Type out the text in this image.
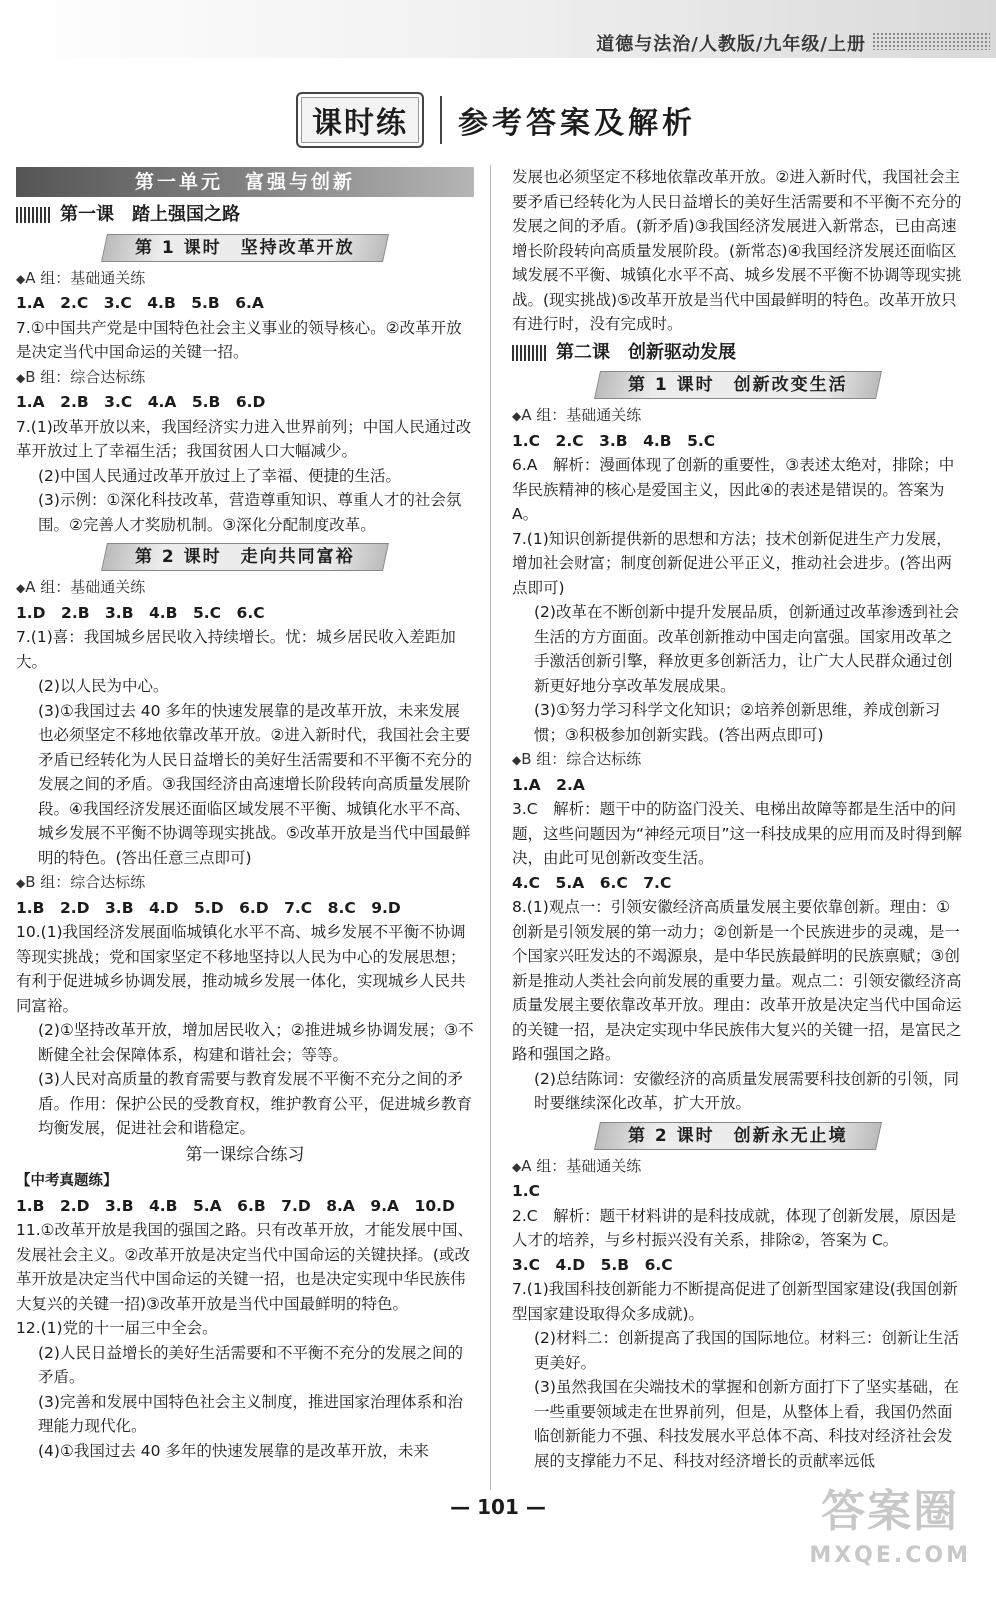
道德与法治/人教版/九年级/上册
课时练	参考答案及解析
第一单元　富强与创新
第一课　踏上强国之路
第 1 课时　坚持改革开放
◆ A 组：基础通关练

1.A　2.C　3.C　4.B　5.B　6.A

7.①中国共产党是中国特色社会主义事业的领导核心。②改革开放是决定当代中国命运的关键一招。

◆ B 组：综合达标练

1.A　2.B　3.C　4.A　5.B　6.D

7.(1)改革开放以来，我国经济实力进入世界前列；中国人民通过改革开放过上了幸福生活；我国贫困人口大幅减少。

(2)中国人民通过改革开放过上了幸福、便捷的生活。

(3)示例：①深化科技改革，营造尊重知识、尊重人才的社会氛围。②完善人才奖励机制。③深化分配制度改革。

第 2 课时　走向共同富裕
◆ A 组：基础通关练

1.D　2.B　3.B　4.B　5.C　6.C

7.(1)喜：我国城乡居民收入持续增长。忧：城乡居民收入差距加大。

(2)以人民为中心。

(3)①我国过去 40 多年的快速发展靠的是改革开放，未来发展也必须坚定不移地依靠改革开放。②进入新时代，我国社会主要矛盾已经转化为人民日益增长的美好生活需要和不平衡不充分的发展之间的矛盾。③我国经济由高速增长阶段转向高质量发展阶段。④我国经济发展还面临区域发展不平衡、城镇化水平不高、城乡发展不平衡不协调等现实挑战。⑤改革开放是当代中国最鲜明的特色。(答出任意三点即可)

◆ B 组：综合达标练

1.B　2.D　3.B　4.D　5.D　6.D　7.C　8.C　9.D

10.(1)我国经济发展面临城镇化水平不高、城乡发展不平衡不协调等现实挑战；党和国家坚定不移地坚持以人民为中心的发展思想；有利于促进城乡协调发展，推动城乡发展一体化，实现城乡人民共同富裕。

(2)①坚持改革开放，增加居民收入；②推进城乡协调发展；③不断健全社会保障体系，构建和谐社会；等等。

(3)人民对高质量的教育需要与教育发展不平衡不充分之间的矛盾。作用：保护公民的受教育权，维护教育公平，促进城乡教育均衡发展，促进社会和谐稳定。

第一课综合练习
【中考真题练】

1.B　2.D　3.B　4.B　5.A　6.B　7.D　8.A　9.A　10.D

11.①改革开放是我国的强国之路。只有改革开放，才能发展中国、发展社会主义。②改革开放是决定当代中国命运的关键抉择。(或改革开放是决定当代中国命运的关键一招，也是决定实现中华民族伟大复兴的关键一招)③改革开放是当代中国最鲜明的特色。

12.(1)党的十一届三中全会。

(2)人民日益增长的美好生活需要和不平衡不充分的发展之间的矛盾。

(3)完善和发展中国特色社会主义制度，推进国家治理体系和治理能力现代化。

(4)①我国过去 40 多年的快速发展靠的是改革开放，未来

发展也必须坚定不移地依靠改革开放。②进入新时代，我国社会主要矛盾已经转化为人民日益增长的美好生活需要和不平衡不充分的发展之间的矛盾。(新矛盾)③我国经济发展进入新常态，已由高速增长阶段转向高质量发展阶段。(新常态)④我国经济发展还面临区域发展不平衡、城镇化水平不高、城乡发展不平衡不协调等现实挑战。(现实挑战)⑤改革开放是当代中国最鲜明的特色。改革开放只有进行时，没有完成时。

第二课　创新驱动发展
第 1 课时　创新改变生活
◆ A 组：基础通关练

1.C　2.C　3.B　4.B　5.C

6.A　解析：漫画体现了创新的重要性，③表述太绝对，排除；中华民族精神的核心是爱国主义，因此④的表述是错误的。答案为 A。

7.(1)知识创新提供新的思想和方法；技术创新促进生产力发展，增加社会财富；制度创新促进公平正义，推动社会进步。(答出两点即可)

(2)改革在不断创新中提升发展品质，创新通过改革渗透到社会生活的方方面面。改革创新推动中国走向富强。国家用改革之手激活创新引擎，释放更多创新活力，让广大人民群众通过创新更好地分享改革发展成果。

(3)①努力学习科学文化知识；②培养创新思维，养成创新习惯；③积极参加创新实践。(答出两点即可)

◆ B 组：综合达标练

1.A　2.A

3.C　解析：题干中的防盗门没关、电梯出故障等都是生活中的问题，这些问题因为“神经元项目”这一科技成果的应用而及时得到解决，由此可见创新改变生活。

4.C　5.A　6.C　7.C

8.(1)观点一：引领安徽经济高质量发展主要依靠创新。理由：①创新是引领发展的第一动力；②创新是一个民族进步的灵魂，是一个国家兴旺发达的不竭源泉，是中华民族最鲜明的民族禀赋；③创新是推动人类社会向前发展的重要力量。观点二：引领安徽经济高质量发展主要依靠改革开放。理由：改革开放是决定当代中国命运的关键一招，是决定实现中华民族伟大复兴的关键一招，是富民之路和强国之路。

(2)总结陈词：安徽经济的高质量发展需要科技创新的引领，同时要继续深化改革，扩大开放。

第 2 课时　创新永无止境
◆ A 组：基础通关练

1.C

2.C　解析：题干材料讲的是科技成就，体现了创新发展，原因是人才的培养，与乡村振兴没有关系，排除②，答案为 C。

3.C　4.D　5.B　6.C

7.(1)我国科技创新能力不断提高促进了创新型国家建设(我国创新型国家建设取得众多成就)。

(2)材料二：创新提高了我国的国际地位。材料三：创新让生活更美好。

(3)虽然我国在尖端技术的掌握和创新方面打下了坚实基础，在一些重要领域走在世界前列，但是，从整体上看，我国仍然面临创新能力不强、科技发展水平总体不高、科技对经济社会发展的支撑能力不足、科技对经济增长的贡献率远低

— 101 —	答案圈
MXQE.COM
